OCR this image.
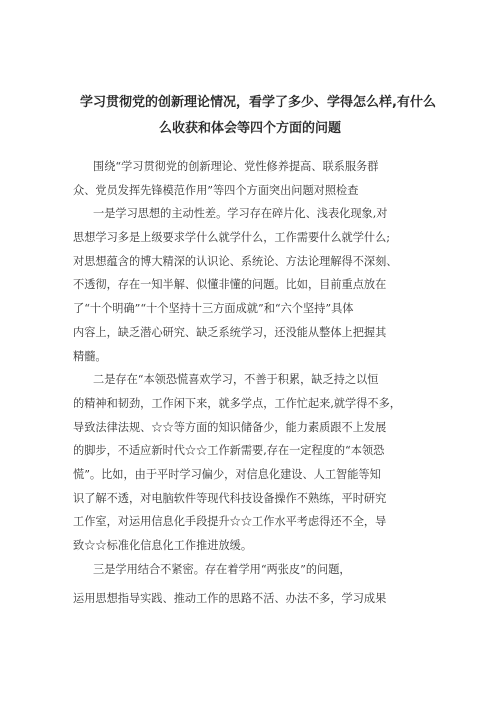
学习贯彻党的创新理论情况，看学了多少、学得怎么样,有什么
么收获和体会等四个方面的问题

围绕“学习贯彻党的创新理论、党性修养提高、联系服务群

众、党员发挥先锋模范作用”等四个方面突出问题对照检查

一是学习思想的主动性差。学习存在碎片化、浅表化现象,对

思想学习多是上级要求学什么就学什么，工作需要什么就学什么;

对思想蕴含的博大精深的认识论、系统论、方法论理解得不深刻、

不透彻，存在一知半解、似懂非懂的问题。比如，目前重点放在

了“十个明确”“十个坚持十三方面成就”和“六个坚持”具体

内容上，缺乏潜心研究、缺乏系统学习，还没能从整体上把握其

精髓。

二是存在“本领恐慌喜欢学习，不善于积累，缺乏持之以恒

的精神和韧劲，工作闲下来，就多学点，工作忙起来,就学得不多，

导致法律法规、☆☆等方面的知识储备少，能力素质跟不上发展

的脚步，不适应新时代☆☆工作新需要,存在一定程度的“本领恐

慌”。比如，由于平时学习偏少，对信息化建设、人工智能等知

识了解不透，对电脑软件等现代科技设备操作不熟练，平时研究

工作室，对运用信息化手段提升☆☆工作水平考虑得还不全，导

致☆☆标准化信息化工作推进放缓。

三是学用结合不紧密。存在着学用“两张皮”的问题，

运用思想指导实践、推动工作的思路不活、办法不多，学习成果
